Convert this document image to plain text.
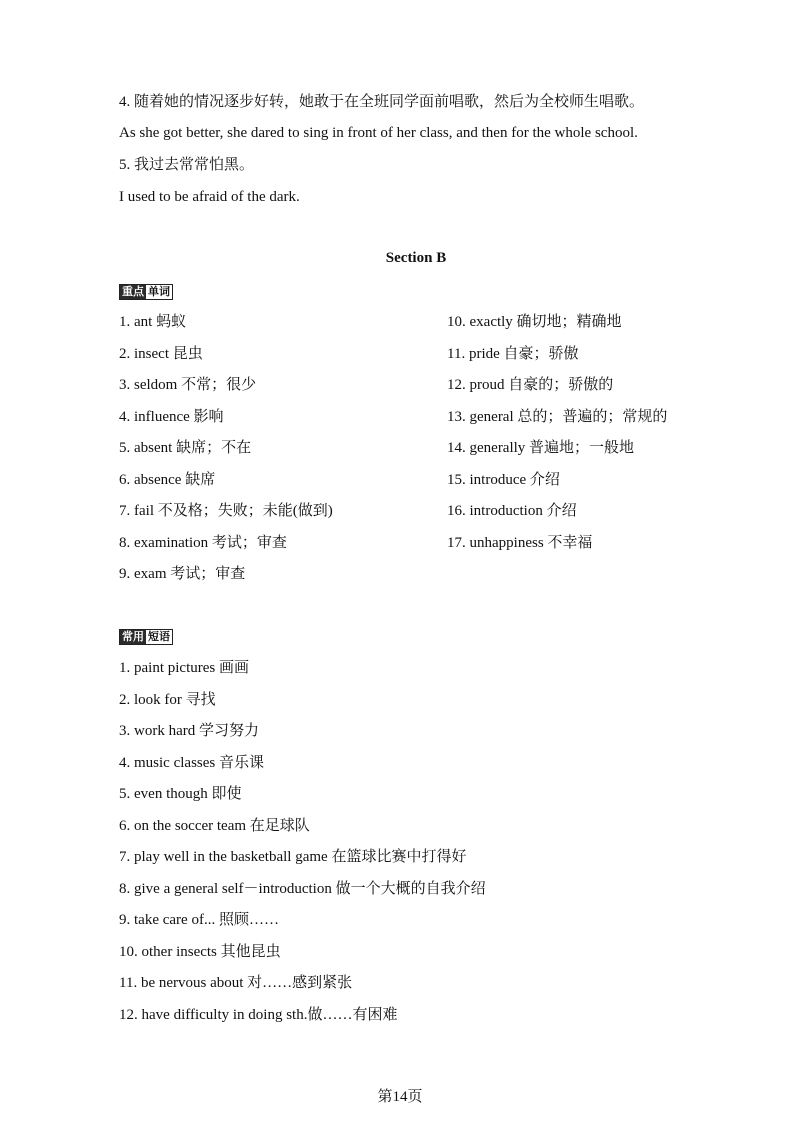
4. 随着她的情况逐步好转，她敢于在全班同学面前唱歌，然后为全校师生唱歌。
As she got better, she dared to sing in front of her class, and then for the whole school.
5. 我过去常常怕黑。
I used to be afraid of the dark.
Section B
重点 单词
1. ant 蚂蚁
2. insect 昆虫
3. seldom 不常；很少
4. influence 影响
5. absent 缺席；不在
6. absence 缺席
7. fail 不及格；失败；未能(做到)
8. examination 考试；审查
9. exam 考试；审查
10. exactly 确切地；精确地
11. pride 自豪；骄傲
12. proud 自豪的；骄傲的
13. general 总的；普遍的；常规的
14. generally 普遍地；一般地
15. introduce 介绍
16. introduction 介绍
17. unhappiness 不幸福
常用 短语
1. paint pictures 画画
2. look for 寻找
3. work hard 学习努力
4. music classes 音乐课
5. even though 即使
6. on the soccer team 在足球队
7. play well in the basketball game 在篮球比赛中打得好
8. give a general self－introduction 做一个大概的自我介绍
9. take care of... 照顾……
10. other insects 其他昆虫
11. be nervous about 对……感到紧张
12. have difficulty in doing sth.做……有困难
第14页
